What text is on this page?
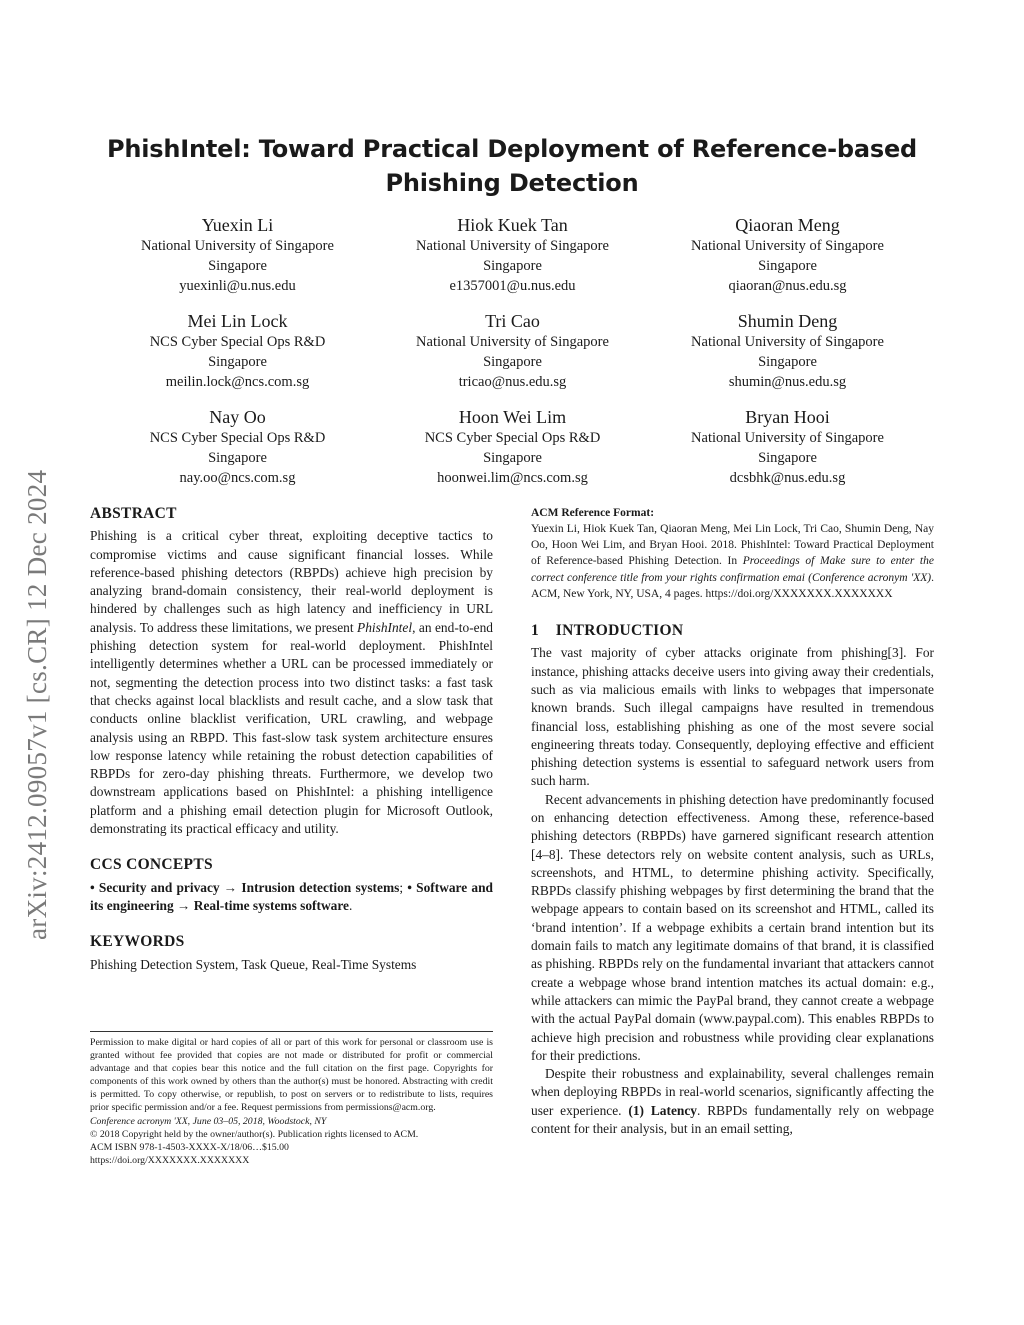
PhishIntel: Toward Practical Deployment of Reference-based
Phishing Detection
Yuexin Li
National University of Singapore
Singapore
yuexinli@u.nus.edu
Hiok Kuek Tan
National University of Singapore
Singapore
e1357001@u.nus.edu
Qiaoran Meng
National University of Singapore
Singapore
qiaoran@nus.edu.sg
Mei Lin Lock
NCS Cyber Special Ops R&D
Singapore
meilin.lock@ncs.com.sg
Tri Cao
National University of Singapore
Singapore
tricao@nus.edu.sg
Shumin Deng
National University of Singapore
Singapore
shumin@nus.edu.sg
Nay Oo
NCS Cyber Special Ops R&D
Singapore
nay.oo@ncs.com.sg
Hoon Wei Lim
NCS Cyber Special Ops R&D
Singapore
hoonwei.lim@ncs.com.sg
Bryan Hooi
National University of Singapore
Singapore
dcsbhk@nus.edu.sg
arXiv:2412.09057v1 [cs.CR] 12 Dec 2024 ABSTRACT

Phishing is a critical cyber threat, exploiting deceptive tactics to compromise victims and cause significant financial losses. While reference-based phishing detectors (RBPDs) achieve high precision by analyzing brand-domain consistency, their real-world deployment is hindered by challenges such as high latency and inefficiency in URL analysis. To address these limitations, we present PhishIntel, an end-to-end phishing detection system for real-world deployment. PhishIntel intelligently determines whether a URL can be processed immediately or not, segmenting the detection process into two distinct tasks: a fast task that checks against local blacklists and result cache, and a slow task that conducts online blacklist verification, URL crawling, and webpage analysis using an RBPD. This fast-slow task system architecture ensures low response latency while retaining the robust detection capabilities of RBPDs for zero-day phishing threats. Furthermore, we develop two downstream applications based on PhishIntel: a phishing intelligence platform and a phishing email detection plugin for Microsoft Outlook, demonstrating its practical efficacy and utility.

CCS CONCEPTS

• Security and privacy → Intrusion detection systems; • Software and its engineering → Real-time systems software.

KEYWORDS

Phishing Detection System, Task Queue, Real-Time Systems

Permission to make digital or hard copies of all or part of this work for personal or classroom use is granted without fee provided that copies are not made or distributed for profit or commercial advantage and that copies bear this notice and the full citation on the first page. Copyrights for components of this work owned by others than the author(s) must be honored. Abstracting with credit is permitted. To copy otherwise, or republish, to post on servers or to redistribute to lists, requires prior specific permission and/or a fee. Request permissions from permissions@acm.org.
Conference acronym 'XX, June 03–05, 2018, Woodstock, NY
© 2018 Copyright held by the owner/author(s). Publication rights licensed to ACM.
ACM ISBN 978-1-4503-XXXX-X/18/06…$15.00
https://doi.org/XXXXXXX.XXXXXXX
ACM Reference Format:

Yuexin Li, Hiok Kuek Tan, Qiaoran Meng, Mei Lin Lock, Tri Cao, Shumin Deng, Nay Oo, Hoon Wei Lim, and Bryan Hooi. 2018. PhishIntel: Toward Practical Deployment of Reference-based Phishing Detection. In Proceedings of Make sure to enter the correct conference title from your rights confirmation emai (Conference acronym 'XX). ACM, New York, NY, USA, 4 pages. https://doi.org/XXXXXXX.XXXXXXX

1    INTRODUCTION

The vast majority of cyber attacks originate from phishing[3]. For instance, phishing attacks deceive users into giving away their credentials, such as via malicious emails with links to webpages that impersonate known brands. Such illegal campaigns have resulted in tremendous financial loss, establishing phishing as one of the most severe social engineering threats today. Consequently, deploying effective and efficient phishing detection systems is essential to safeguard network users from such harm.

Recent advancements in phishing detection have predominantly focused on enhancing detection effectiveness. Among these, reference-based phishing detectors (RBPDs) have garnered significant research attention [4–8]. These detectors rely on website content analysis, such as URLs, screenshots, and HTML, to determine phishing activity. Specifically, RBPDs classify phishing webpages by first determining the brand that the webpage appears to contain based on its screenshot and HTML, called its ‘brand intention’. If a webpage exhibits a certain brand intention but its domain fails to match any legitimate domains of that brand, it is classified as phishing. RBPDs rely on the fundamental invariant that attackers cannot create a webpage whose brand intention matches its actual domain: e.g., while attackers can mimic the PayPal brand, they cannot create a webpage with the actual PayPal domain (www.paypal.com). This enables RBPDs to achieve high precision and robustness while providing clear explanations for their predictions.

Despite their robustness and explainability, several challenges remain when deploying RBPDs in real-world scenarios, significantly affecting the user experience. (1) Latency. RBPDs fundamentally rely on webpage content for their analysis, but in an email setting,
